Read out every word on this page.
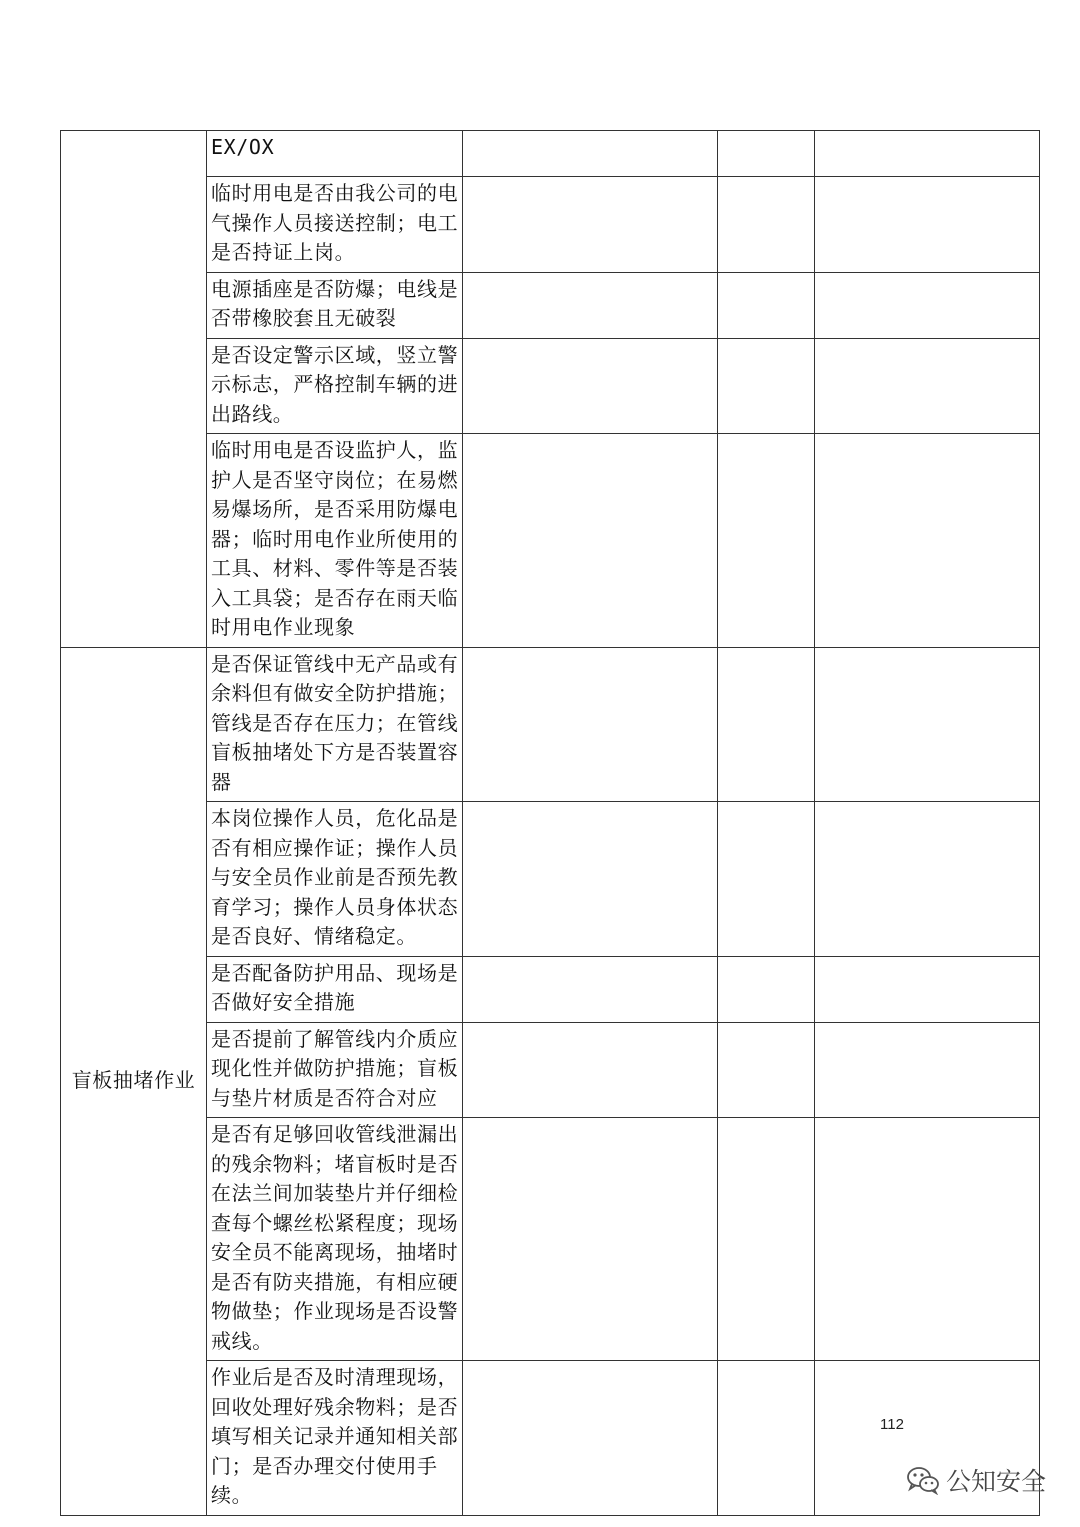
	EX/OX			
	临时用电是否由我公司的电气操作人员接送控制；电工是否持证上岗。			
	电源插座是否防爆；电线是否带橡胶套且无破裂			
	是否设定警示区域，竖立警示标志，严格控制车辆的进出路线。			
	临时用电是否设监护人，监护人是否坚守岗位；在易燃易爆场所，是否采用防爆电器；临时用电作业所使用的工具、材料、零件等是否装入工具袋；是否存在雨天临时用电作业现象			
盲板抽堵作业	是否保证管线中无产品或有余料但有做安全防护措施；管线是否存在压力；在管线盲板抽堵处下方是否装置容器			
	本岗位操作人员，危化品是否有相应操作证；操作人员与安全员作业前是否预先教育学习；操作人员身体状态是否良好、情绪稳定。			
	是否配备防护用品、现场是否做好安全措施			
	是否提前了解管线内介质应现化性并做防护措施；盲板与垫片材质是否符合对应			
	是否有足够回收管线泄漏出的残余物料；堵盲板时是否在法兰间加装垫片并仔细检查每个螺丝松紧程度；现场安全员不能离现场，抽堵时是否有防夹措施，有相应硬物做垫；作业现场是否设警戒线。			
	作业后是否及时清理现场，回收处理好残余物料；是否填写相关记录并通知相关部门；是否办理交付使用手续。			
112
公知安全
